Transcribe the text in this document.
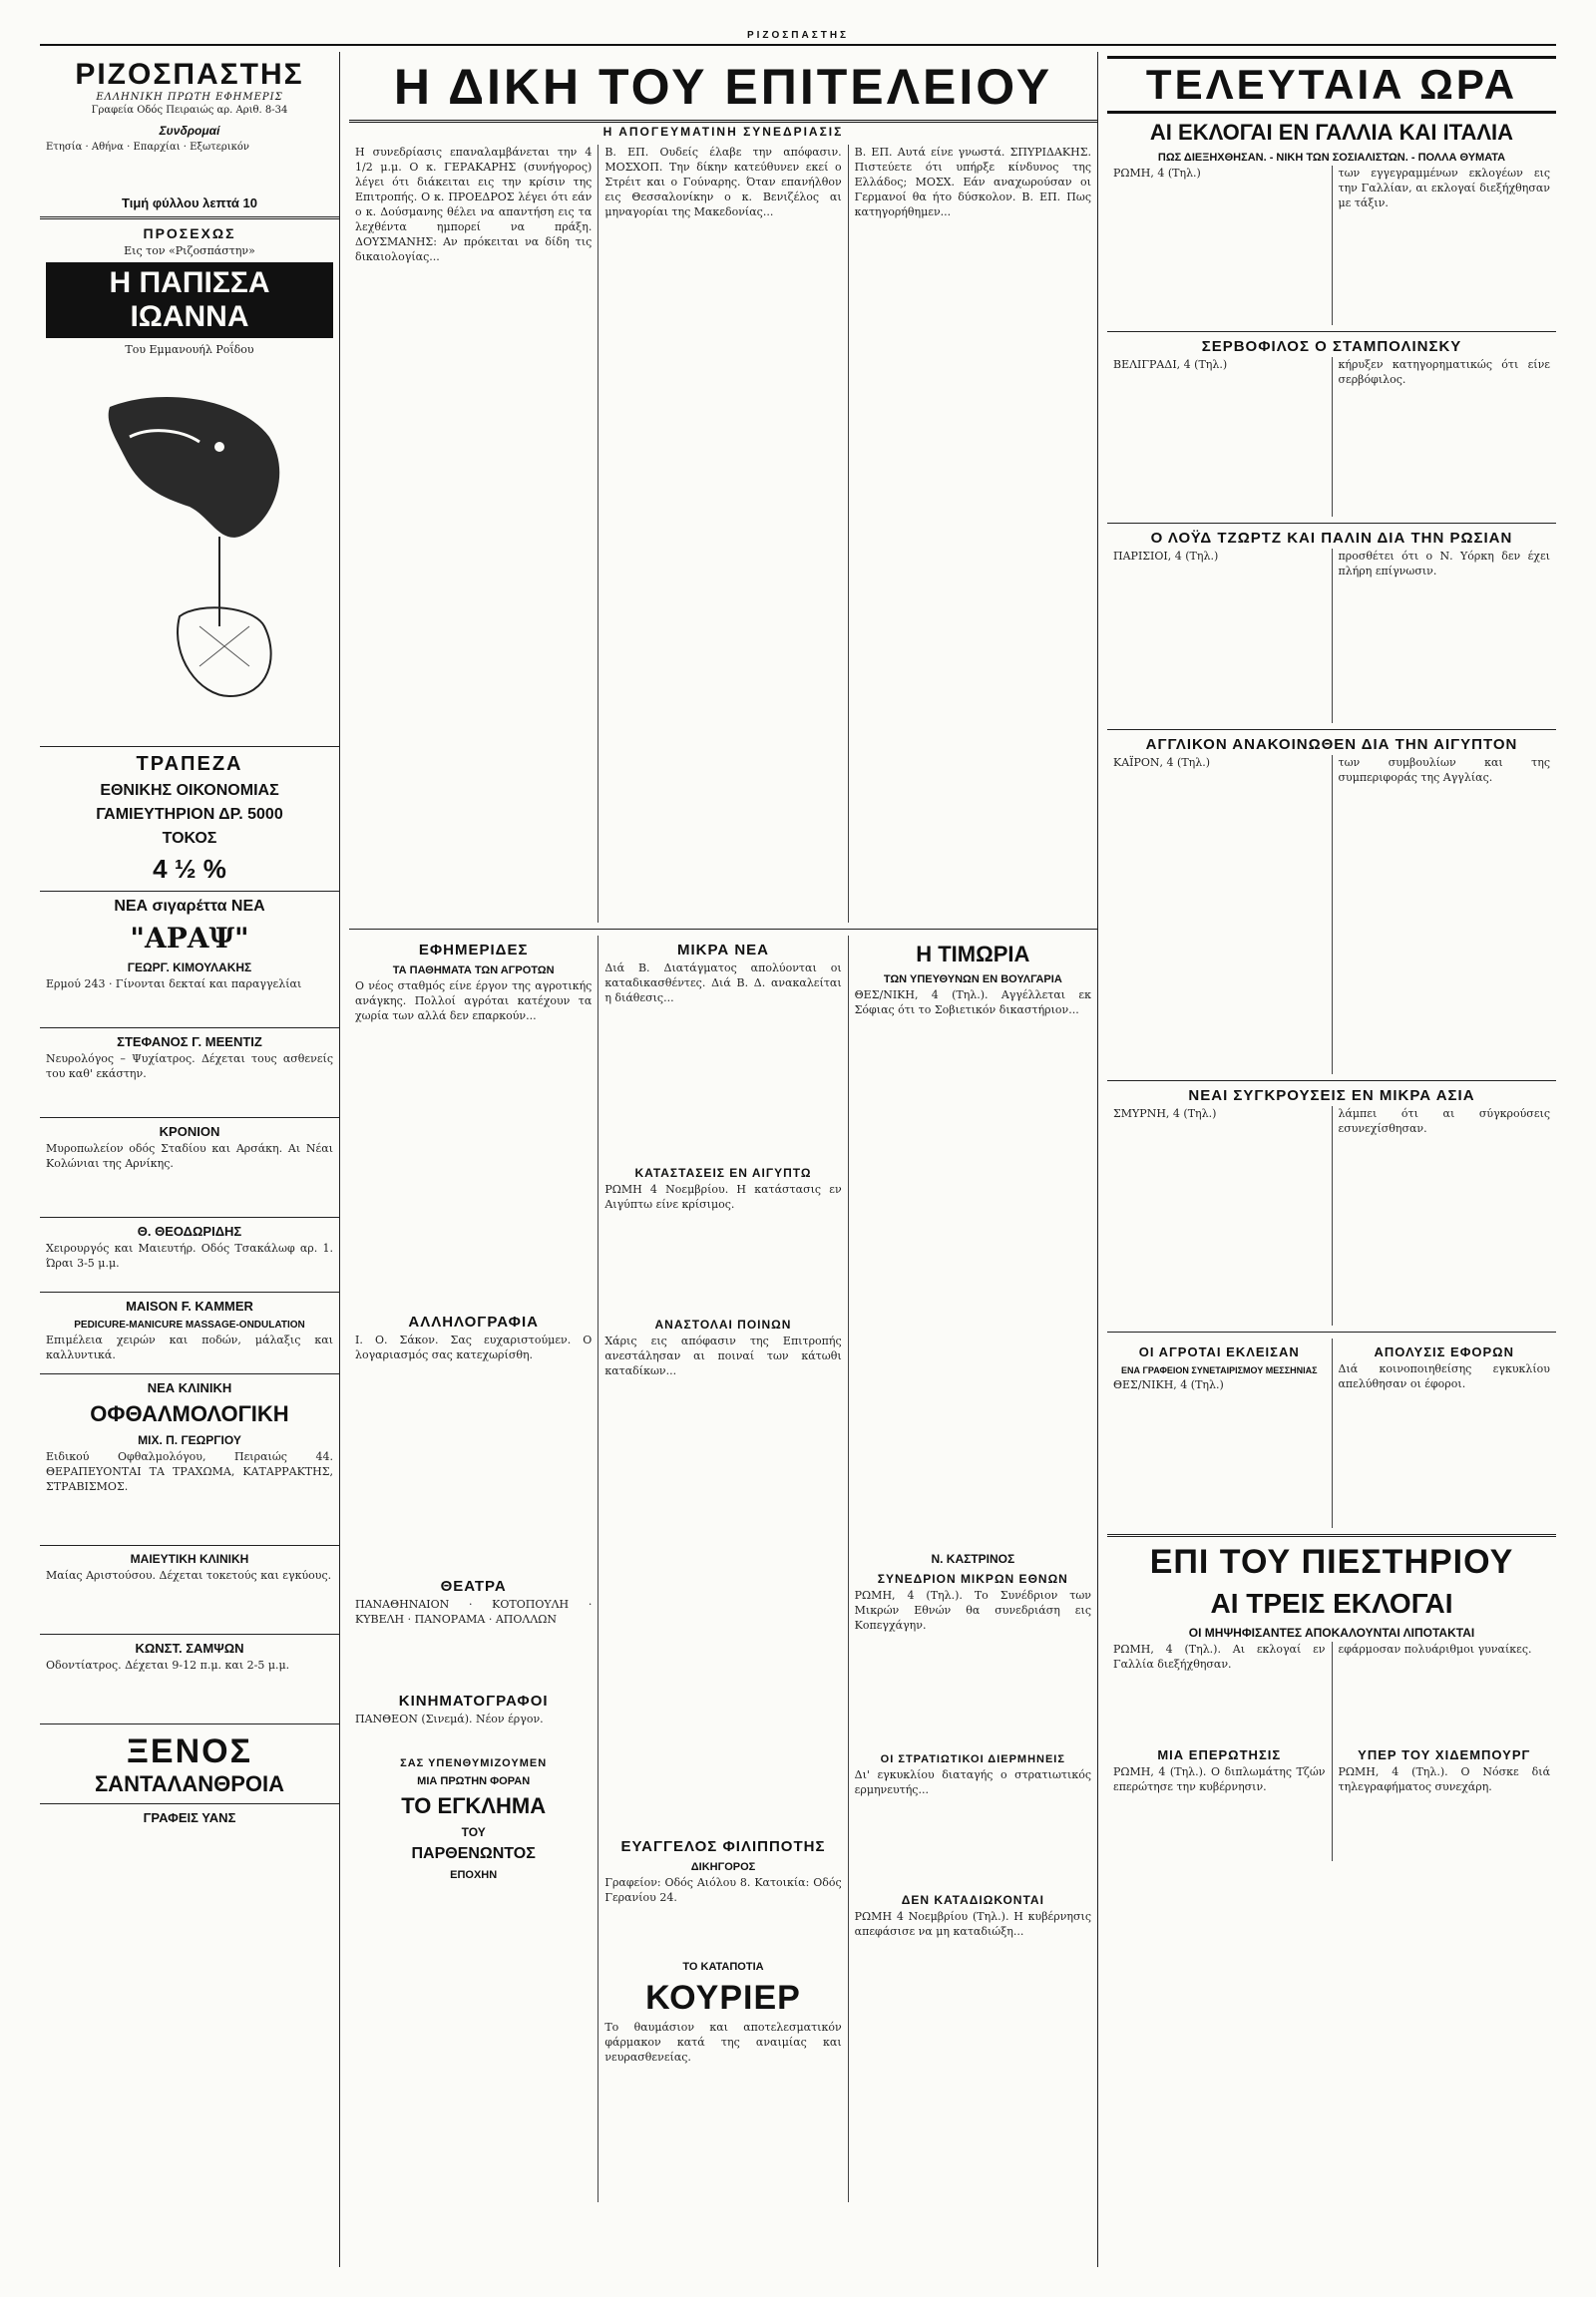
ΡΙΖΟΣΠΑΣΤΗΣ
ΡΙΖΟΣΠΑΣΤΗΣ
ΕΛΛΗΝΙΚΗ ΠΡΩΤΗ ΕΦΗΜΕΡΙΣ
Γραφεία Οδός Πειραιώς αρ. Αριθ. 8-34
Συνδρομαί
Ετησία · Αθήνα · Επαρχίαι · Εξωτερικόν
Τιμή φύλλου λεπτά 10
ΠΡΟΣΕΧΩΣ
Εις τον «Ριζοσπάστην»
Η ΠΑΠΙΣΣΑ ΙΩΑΝΝΑ
Του Εμμανουήλ Ροΐδου
ΤΡΑΠΕΖΑ
ΕΘΝΙΚΗΣ ΟΙΚΟΝΟΜΙΑΣ
ΓΑΜΙΕΥΤΗΡΙΟΝ ΔΡ. 5000
ΤΟΚΟΣ
4 ½ %
ΝΕΑ σιγαρέττα ΝΕΑ
"ΑΡΑΨ"
ΓΕΩΡΓ. ΚΙΜΟΥΛΑΚΗΣ
Ερμού 243 · Γίνονται δεκταί και παραγγελίαι
ΣΤΕΦΑΝΟΣ Γ. ΜΕΕΝΤΙΖ
Νευρολόγος – Ψυχίατρος. Δέχεται τους ασθενείς του καθ' εκάστην.
ΚΡΟΝΙΟΝ
Μυροπωλείον οδός Σταδίου και Αρσάκη. Αι Νέαι Κολώνιαι της Αρνίκης.
Θ. ΘΕΟΔΩΡΙΔΗΣ
Χειρουργός και Μαιευτήρ. Οδός Τσακάλωφ αρ. 1. Ώραι 3-5 μ.μ.
MAISON F. KAMMER
PEDICURE-MANICURE MASSAGE-ONDULATION
Επιμέλεια χειρών και ποδών, μάλαξις και καλλυντικά.
ΝΕΑ ΚΛΙΝΙΚΗ
ΟΦΘΑΛΜΟΛΟΓΙΚΗ
ΜΙΧ. Π. ΓΕΩΡΓΙΟΥ
Ειδικού Οφθαλμολόγου, Πειραιώς 44. ΘΕΡΑΠΕΥΟΝΤΑΙ ΤΑ ΤΡΑΧΩΜΑ, ΚΑΤΑΡΡΑΚΤΗΣ, ΣΤΡΑΒΙΣΜΟΣ.
ΜΑΙΕΥΤΙΚΗ ΚΛΙΝΙΚΗ
Μαίας Αριστούσου. Δέχεται τοκετούς και εγκύους.
ΚΩΝΣΤ. ΣΑΜΨΩΝ
Οδοντίατρος. Δέχεται 9-12 π.μ. και 2-5 μ.μ.
ΞΕΝΟΣ
ΣΑΝΤΑΛΑΝΘΡΟΙΑ
ΓΡΑΦΕΙΣ ΥΑΝΣ
Η ΔΙΚΗ ΤΟΥ ΕΠΙΤΕΛΕΙΟΥ
Η ΑΠΟΓΕΥΜΑΤΙΝΗ ΣΥΝΕΔΡΙΑΣΙΣ
Η συνεδρίασις επαναλαμβάνεται την 4 1/2 μ.μ. Ο κ. ΓΕΡΑΚΑΡΗΣ (συνήγορος) λέγει ότι διάκειται εις την κρίσιν της Επιτροπής. Ο κ. ΠΡΟΕΔΡΟΣ λέγει ότι εάν ο κ. Δούσμανης θέλει να απαντήση εις τα λεχθέντα ημπορεί να πράξη. ΔΟΥΣΜΑΝΗΣ: Αν πρόκειται να δίδη τις δικαιολογίας...
Β. ΕΠ. Ουδείς έλαβε την απόφασιν. ΜΟΣΧΟΠ. Την δίκην κατεύθυνεν εκεί ο Στρέιτ και ο Γούναρης. Όταν επανήλθον εις Θεσσαλονίκην ο κ. Βενιζέλος αι μηναγορίαι της Μακεδονίας...
Β. ΕΠ. Αυτά είνε γνωστά. ΣΠΥΡΙΔΑΚΗΣ. Πιστεύετε ότι υπήρξε κίνδυνος της Ελλάδος; ΜΟΣΧ. Εάν αναχωρούσαν οι Γερμανοί θα ήτο δύσκολον. Β. ΕΠ. Πως κατηγορήθημεν...
ΕΦΗΜΕΡΙΔΕΣ
ΤΑ ΠΑΘΗΜΑΤΑ ΤΩΝ ΑΓΡΟΤΩΝ
Ο νέος σταθμός είνε έργον της αγροτικής ανάγκης. Πολλοί αγρόται κατέχουν τα χωρία των αλλά δεν επαρκούν...
ΑΛΛΗΛΟΓΡΑΦΙΑ
Ι. Ο. Σάκον. Σας ευχαριστούμεν. Ο λογαριασμός σας κατεχωρίσθη.
ΘΕΑΤΡΑ
ΠΑΝΑΘΗΝΑΙΟΝ · ΚΟΤΟΠΟΥΛΗ · ΚΥΒΕΛΗ · ΠΑΝΟΡΑΜΑ · ΑΠΟΛΛΩΝ
ΚΙΝΗΜΑΤΟΓΡΑΦΟΙ
ΠΑΝΘΕΟΝ (Σινεμά). Νέον έργον.
ΣΑΣ ΥΠΕΝΘΥΜΙΖΟΥΜΕΝ
ΜΙΑ ΠΡΩΤΗΝ ΦΟΡΑΝ
ΤΟ ΕΓΚΛΗΜΑ
ΤΟΥ
ΠΑΡΘΕΝΩΝΤΟΣ
ΕΠΟΧΗΝ
ΜΙΚΡΑ ΝΕΑ
Διά Β. Διατάγματος απολύονται οι καταδικασθέντες. Διά Β. Δ. ανακαλείται η διάθεσις...
ΚΑΤΑΣΤΑΣΕΙΣ ΕΝ ΑΙΓΥΠΤΩ
ΡΩΜΗ 4 Νοεμβρίου. Η κατάστασις εν Αιγύπτω είνε κρίσιμος.
ΑΝΑΣΤΟΛΑΙ ΠΟΙΝΩΝ
Χάρις εις απόφασιν της Επιτροπής ανεστάλησαν αι ποιναί των κάτωθι καταδίκων...
ΕΥΑΓΓΕΛΟΣ ΦΙΛΙΠΠΟΤΗΣ
ΔΙΚΗΓΟΡΟΣ
Γραφείον: Οδός Αιόλου 8. Κατοικία: Οδός Γερανίου 24.
ΤΟ ΚΑΤΑΠΟΤΙΑ
ΚΟΥΡΙΕΡ
Το θαυμάσιον και αποτελεσματικόν φάρμακον κατά της αναιμίας και νευρασθενείας.
Η ΤΙΜΩΡΙΑ
ΤΩΝ ΥΠΕΥΘΥΝΩΝ ΕΝ ΒΟΥΛΓΑΡΙΑ
ΘΕΣ/ΝΙΚΗ, 4 (Τηλ.). Αγγέλλεται εκ Σόφιας ότι το Σοβιετικόν δικαστήριον...
Ν. ΚΑΣΤΡΙΝΟΣ
ΣΥΝΕΔΡΙΟΝ ΜΙΚΡΩΝ ΕΘΝΩΝ
ΡΩΜΗ, 4 (Τηλ.). Το Συνέδριον των Μικρών Εθνών θα συνεδριάση εις Κοπεγχάγην.
ΟΙ ΣΤΡΑΤΙΩΤΙΚΟΙ ΔΙΕΡΜΗΝΕΙΣ
Δι' εγκυκλίου διαταγής ο στρατιωτικός ερμηνευτής...
ΔΕΝ ΚΑΤΑΔΙΩΚΟΝΤΑΙ
ΡΩΜΗ 4 Νοεμβρίου (Τηλ.). Η κυβέρνησις απεφάσισε να μη καταδιώξη...
ΤΕΛΕΥΤΑΙΑ ΩΡΑ
ΑΙ ΕΚΛΟΓΑΙ ΕΝ ΓΑΛΛΙΑ ΚΑΙ ΙΤΑΛΙΑ
ΠΩΣ ΔΙΕΞΗΧΘΗΣΑΝ. - ΝΙΚΗ ΤΩΝ ΣΟΣΙΑΛΙΣΤΩΝ. - ΠΟΛΛΑ ΘΥΜΑΤΑ
ΡΩΜΗ, 4 (Τηλ.)	των εγγεγραμμένων εκλογέων εις την Γαλλίαν, αι εκλογαί διεξήχθησαν με τάξιν.
ΣΕΡΒΟΦΙΛΟΣ Ο ΣΤΑΜΠΟΛΙΝΣΚΥ
ΒΕΛΙΓΡΑΔΙ, 4 (Τηλ.)	κήρυξεν κατηγορηματικώς ότι είνε σερβόφιλος.
Ο ΛΟΫΔ ΤΖΩΡΤΖ ΚΑΙ ΠΑΛΙΝ ΔΙΑ ΤΗΝ ΡΩΣΙΑΝ
ΠΑΡΙΣΙΟΙ, 4 (Τηλ.)	προσθέτει ότι ο Ν. Υόρκη δεν έχει πλήρη επίγνωσιν.
ΑΓΓΛΙΚΟΝ ΑΝΑΚΟΙΝΩΘΕΝ ΔΙΑ ΤΗΝ ΑΙΓΥΠΤΟΝ
ΚΑΪΡΟΝ, 4 (Τηλ.)	των συμβουλίων και της συμπεριφοράς της Αγγλίας.
ΝΕΑΙ ΣΥΓΚΡΟΥΣΕΙΣ ΕΝ ΜΙΚΡΑ ΑΣΙΑ
ΣΜΥΡΝΗ, 4 (Τηλ.)	λάμπει ότι αι σύγκρούσεις εσυνεχίσθησαν.
ΟΙ ΑΓΡΟΤΑΙ ΕΚΛΕΙΣΑΝ
ΕΝΑ ΓΡΑΦΕΙΟΝ ΣΥΝΕΤΑΙΡΙΣΜΟΥ ΜΕΣΣΗΝΙΑΣ
ΘΕΣ/ΝΙΚΗ, 4 (Τηλ.)
ΑΠΟΛΥΣΙΣ ΕΦΟΡΩΝ
Διά κοινοποιηθείσης εγκυκλίου απελύθησαν οι έφοροι.
ΕΠΙ ΤΟΥ ΠΙΕΣΤΗΡΙΟΥ
ΑΙ ΤΡΕΙΣ ΕΚΛΟΓΑΙ
ΟΙ ΜΗΨΗΦΙΣΑΝΤΕΣ ΑΠΟΚΑΛΟΥΝΤΑΙ ΛΙΠΟΤΑΚΤΑΙ
ΡΩΜΗ, 4 (Τηλ.). Αι εκλογαί εν Γαλλία διεξήχθησαν.
εφάρμοσαν πολυάριθμοι γυναίκες.
ΜΙΑ ΕΠΕΡΩΤΗΣΙΣ
ΡΩΜΗ, 4 (Τηλ.). Ο διπλωμάτης Τζών επερώτησε την κυβέρνησιν.
ΥΠΕΡ ΤΟΥ ΧΙΔΕΜΠΟΥΡΓ
ΡΩΜΗ, 4 (Τηλ.). Ο Νόσκε διά τηλεγραφήματος συνεχάρη.
